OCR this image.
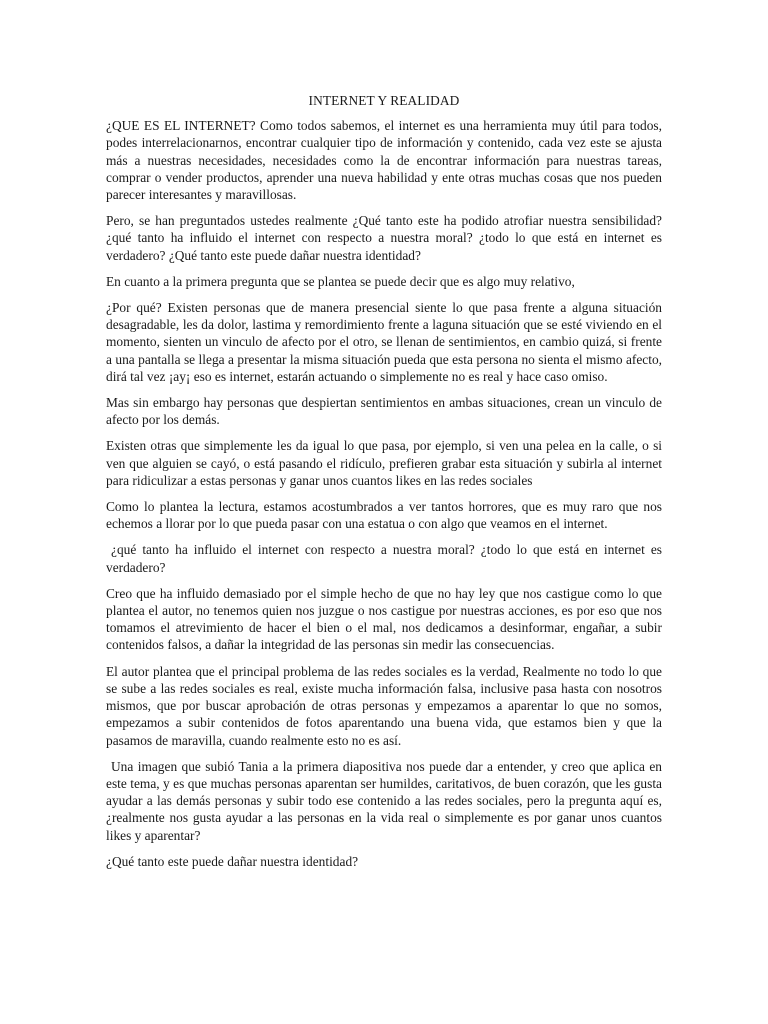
INTERNET Y REALIDAD

¿QUE ES EL INTERNET? Como todos sabemos, el internet es una herramienta muy útil para todos, podes interrelacionarnos, encontrar cualquier tipo de información y contenido, cada vez este se ajusta más a nuestras necesidades, necesidades como la de encontrar información para nuestras tareas, comprar o vender productos, aprender una nueva habilidad y ente otras muchas cosas que nos pueden parecer interesantes y maravillosas.

Pero, se han preguntados ustedes realmente ¿Qué tanto este ha podido atrofiar nuestra sensibilidad? ¿qué tanto ha influido el internet con respecto a nuestra moral? ¿todo lo que está en internet es verdadero? ¿Qué tanto este puede dañar nuestra identidad?

En cuanto a la primera pregunta que se plantea se puede decir que es algo muy relativo,

¿Por qué? Existen personas que de manera presencial siente lo que pasa frente a alguna situación desagradable, les da dolor, lastima y remordimiento frente a laguna situación que se esté viviendo en el momento, sienten un vinculo de afecto por el otro, se llenan de sentimientos, en cambio quizá, si frente a una pantalla se llega a presentar la misma situación pueda que esta persona no sienta el mismo afecto, dirá tal vez ¡ay¡ eso es internet, estarán actuando o simplemente no es real y hace caso omiso.

Mas sin embargo hay personas que despiertan sentimientos en ambas situaciones, crean un vinculo de afecto por los demás.

Existen otras que simplemente les da igual lo que pasa, por ejemplo, si ven una pelea en la calle, o si ven que alguien se cayó, o está pasando el ridículo, prefieren grabar esta situación y subirla al internet para ridiculizar a estas personas y ganar unos cuantos likes en las redes sociales

Como lo plantea la lectura, estamos acostumbrados a ver tantos horrores, que es muy raro que nos echemos a llorar por lo que pueda pasar con una estatua o con algo que veamos en el internet.

¿qué tanto ha influido el internet con respecto a nuestra moral? ¿todo lo que está en internet es verdadero?

Creo que ha influido demasiado por el simple hecho de que no hay ley que nos castigue como lo que plantea el autor, no tenemos quien nos juzgue o nos castigue por nuestras acciones, es por eso que nos tomamos el atrevimiento de hacer el bien o el mal, nos dedicamos a desinformar, engañar, a subir contenidos falsos, a dañar la integridad de las personas sin medir las consecuencias.

El autor plantea que el principal problema de las redes sociales es la verdad, Realmente no todo lo que se sube a las redes sociales es real, existe mucha información falsa, inclusive pasa hasta con nosotros mismos, que por buscar aprobación de otras personas y empezamos a aparentar lo que no somos, empezamos a subir contenidos de fotos aparentando una buena vida, que estamos bien y que la pasamos de maravilla, cuando realmente esto no es así.

Una imagen que subió Tania a la primera diapositiva nos puede dar a entender, y creo que aplica en este tema, y es que muchas personas aparentan ser humildes, caritativos, de buen corazón, que les gusta ayudar a las demás personas y subir todo ese contenido a las redes sociales, pero la pregunta aquí es, ¿realmente nos gusta ayudar a las personas en la vida real o simplemente es por ganar unos cuantos likes y aparentar?

¿Qué tanto este puede dañar nuestra identidad?
